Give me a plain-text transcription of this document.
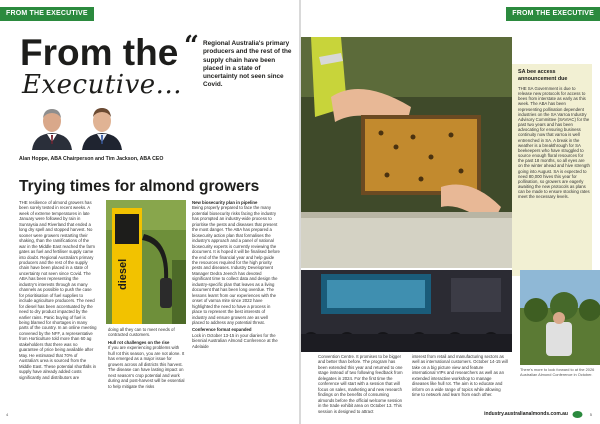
FROM THE EXECUTIVE
From the
Executive...
“ Regional Australia's primary producers and the rest of the supply chain have been placed in a state of uncertainty not seen since Covid.
Alan Hoppe, ABA Chairperson and Tim Jackson, ABA CEO
Trying times for almond growers

THE resilience of almond growers has been sorely tested in recent weeks. A week of extreme temperatures in late January were followed by rain in Sunraysia and Riverland that ended a long dry spell and stopped harvest. No sooner were growers restarting their shaking, than the ramifications of the war in the Middle East reached the farm gates as fuel and fertiliser supply came into doubt. Regional Australia's primary producers and the rest of the supply chain have been placed in a state of uncertainty not seen since Covid. The ABA has been representing the industry's interests through as many channels as possible to push the case for prioritisation of fuel supplies to include agriculture producers. The need for diesel has been accentuated by the need to dry product impacted by the earlier rains. Panic buying of fuel is being blamed for shortages in many parts of the country. In an online meeting convened by the NFF, a representative from Horticulture told more than 60 ag stakeholders that there was no guarantee of price being available after May. He estimated that 70% of Australia's urea is sourced from the Middle East. These potential shortfalls in supply have already added costs significantly and distributors are

diesel

doing all they can to meet needs of contracted customers.

Hull rot challenges on the rise

If you are experiencing problems with hull rot this season, you are not alone. It has emerged as a major issue for growers across all districts this harvest. The disease can have lasting impact on next season's crop potential and work during and post-harvest will be essential to help mitigate the risks

New biosecurity plan in pipeline

Being properly prepared to face the many potential biosecurity risks facing the industry has prompted an industry-wide process to prioritise the pests and diseases that present the most danger. The ABA has prepared a biosecurity action plan that formalises the industry's approach and a panel of national biosecurity experts is currently reviewing the document. It is hoped it will be finalised before the end of the financial year and help guide the resources required for the high priority pests and diseases. Industry Development Manager Dedra Jeench has devoted significant time to collect data and design the industry-specific plan that leaves as a living document that has been long overdue. The lessons learnt from our experiences with the onset of varroa mite since 2022 have highlighted the need to have a process in place to represent the best interests of industry and ensure growers are as well placed to address any potential threat.

Conference format expanded

Lock in October 13-15 in your diaries for the biennial Australian Almond Conference at the Adelaide

4
FROM THE EXECUTIVE
SA bee access announcement due

THE SA Government is due to release new protocols for access to bees from interstate as early as this week. The ABA has been representing pollination dependent industries on the SA Varroa Industry Advisory Committee (SAVIAC) for the past two years and has been advocating for ensuring business continuity now that varroa is well entrenched in SA. A break in the weather is a breakthrough for SA beekeepers who have struggled to source enough floral resources for the past 18 months, so all eyes are on the winter ahead and hive strength going into August. SA is expected to need 80,000 hives this year for pollination, so growers are eagerly awaiting the new protocols as plans can be made to ensure stocking rates meet the necessary levels.

Convention Centre. It promises to be bigger and better than before. The program has been extended this year and returned to one stage instead of two following feedback from delegates in 2024. For the first time the conference will start with a session that will focus on sales, marketing and new research findings on the benefits of consuming almonds before the official welcome session in the trade exhibit area on October 13. This session is designed to attract

interest from retail and manufacturing sectors as well as international customers. October 14-15 will take on a big picture view and feature international VIPs and researchers as well as an extended interactive workshop to manage diseases like hull rot. The aim is to educate and inform on a wide range of topics while allowing time to network and learn from each other.

There's more to look forward to at the 2026 Australian Almond Conference in October.
industry.australianalmonds.com.au	5
